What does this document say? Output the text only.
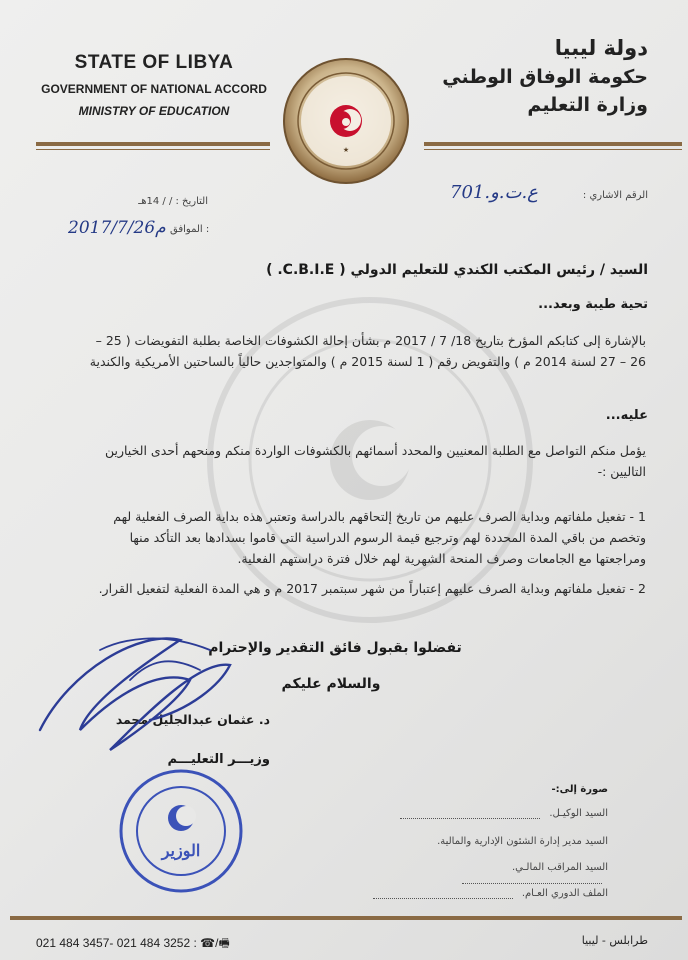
STATE OF LIBYA
GOVERNMENT OF NATIONAL ACCORD
MINISTRY OF EDUCATION
دولة ليبيا
حكومة الوفاق الوطني
وزارة التعليم
★
الرقم الاشاري :
701.ع.ت.و
التاريخ : / / 14هـ
الموافق :
2017/7/26م
السيد / رئيس المكتب الكندي للتعليم الدولي ( C.B.I.E. )
تحية طيبة وبعد...
بالإشارة إلى كتابكم المؤرخ بتاريخ 18/ 7 / 2017 م بشأن إحالة الكشوفات الخاصة بطلبة التفويضات ( 25 – 26 – 27 لسنة 2014 م ) والتفويض رقم ( 1 لسنة 2015 م ) والمتواجدين حالياً بالساحتين الأمريكية والكندية
عليه...
يؤمل منكم التواصل مع الطلبة المعنيين والمحدد أسمائهم بالكشوفات الواردة منكم ومنحهم أحدى الخيارين التاليين :-
1 - تفعيل ملفاتهم وبداية الصرف عليهم من تاريخ إلتحاقهم بالدراسة وتعتبر هذه بداية الصرف الفعلية لهم وتخصم من باقي المدة المحددة لهم وترجيع قيمة الرسوم الدراسية التى قاموا بسدادها بعد التأكد منها ومراجعتها مع الجامعات وصرف المنحة الشهرية لهم خلال فترة دراستهم الفعلية.
2 - تفعيل ملفاتهم وبداية الصرف عليهم إعتباراً من شهر سبتمبر 2017 م و هي المدة الفعلية لتفعيل القرار.
تفضلوا بقبول فائق التقدير والإحترام
والسلام عليكم
د. عثمان عبدالجليل محمد
وزيـــر التعليـــم
الوزير
صورة إلى:-
السيد الوكيـل.
السيد مدير إدارة الشئون الإدارية والمالية.
السيد المراقب المالـي.
الملف الدوري العـام.
021 484 3457- 021 484 3252 : ☎/🖷	طرابلس - ليبيا
